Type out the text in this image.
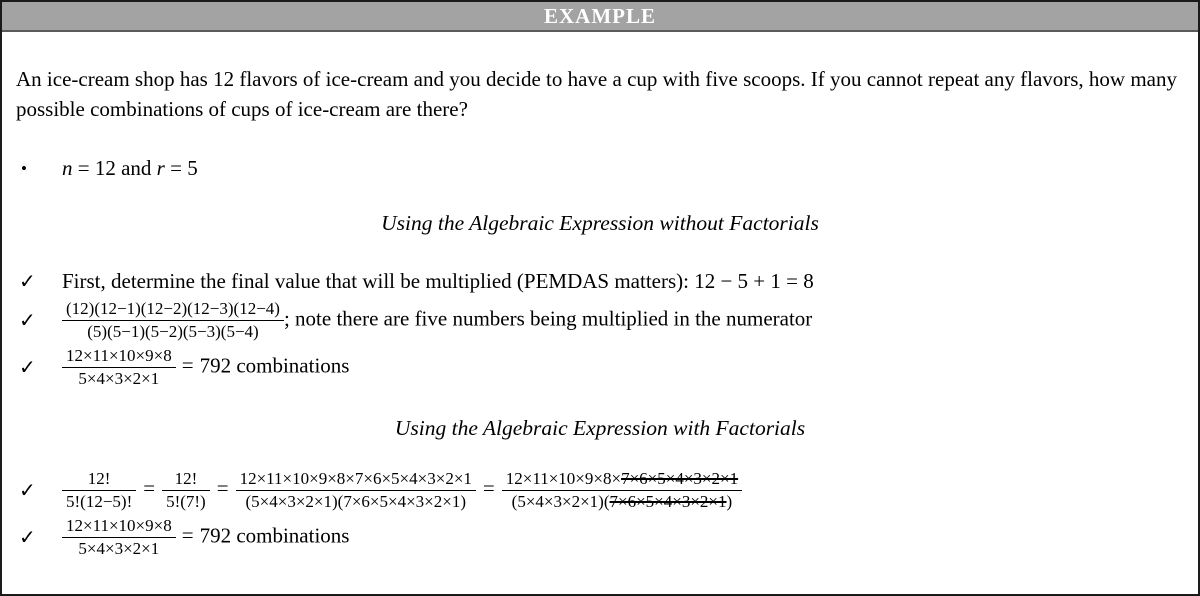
EXAMPLE

An ice-cream shop has 12 flavors of ice-cream and you decide to have a cup with five scoops. If you cannot repeat any flavors, how many possible combinations of cups of ice-cream are there?

•	n = 12 and r = 5
Using the Algebraic Expression without Factorials
✓	First, determine the final value that will be multiplied (PEMDAS matters): 12 − 5 + 1 = 8
✓	$\frac{(12)(12-1)(12-2)(12-3)(12-4)}{(5)(5-1)(5-2)(5-3)(5-4)}$ ; note there are five numbers being multiplied in the numerator
✓	$\frac{12\times 11\times 10\times 9\times 8}{5\times 4\times 3\times 2\times 1} = 792$ combinations
Using the Algebraic Expression with Factorials
✓	$\frac{12!}{5!(12-5)!} = \frac{12!}{5!(7!)} = \frac{12\times 11\times 10\times 9\times 8\times 7\times 6\times 5\times 4\times 3\times 2\times 1}{(5\times 4\times 3\times 2\times 1)(7\times 6\times 5\times 4\times 3\times 2\times 1)} = \frac{12\times 11\times 10\times 9\times 8\times 7\times 6\times 5\times 4\times 3\times 2\times 1}{(5\times 4\times 3\times 2\times 1)(7\times 6\times 5\times 4\times 3\times 2\times 1)}$
✓	$\frac{12\times 11\times 10\times 9\times 8}{5\times 4\times 3\times 2\times 1} = 792$ combinations
